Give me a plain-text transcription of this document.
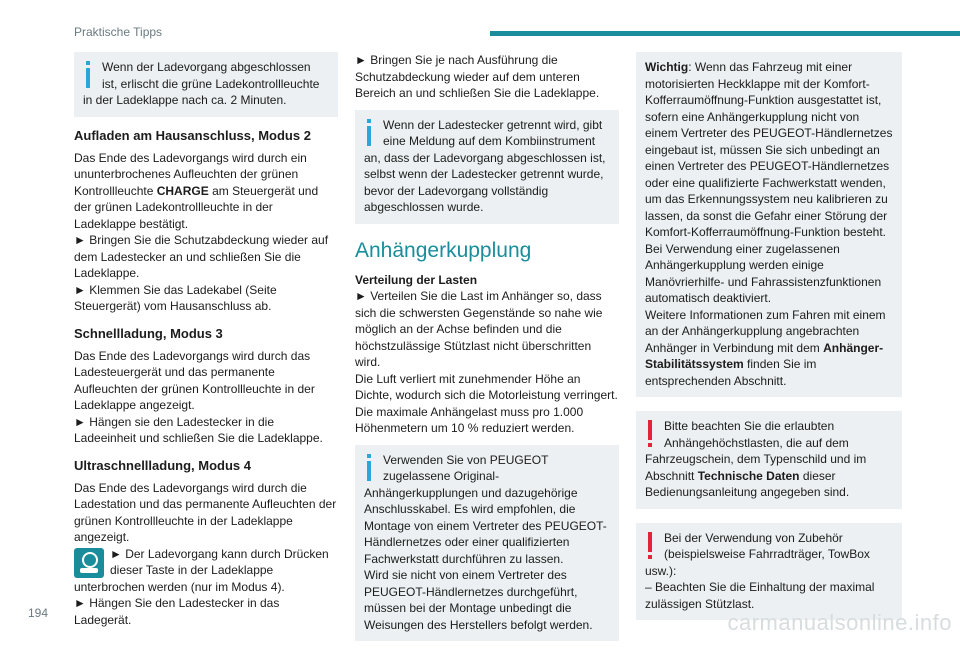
Praktische Tipps

Wenn der Ladevorgang abgeschlossen ist, erlischt die grüne Ladekontrollleuchte in der Ladeklappe nach ca. 2 Minuten.

Aufladen am Hausanschluss, Modus 2

Das Ende des Ladevorgangs wird durch ein ununterbrochenes Aufleuchten der grünen Kontrollleuchte CHARGE am Steuergerät und der grünen Ladekontrollleuchte in der Ladeklappe bestätigt.

► Bringen Sie die Schutzabdeckung wieder auf dem Ladestecker an und schließen Sie die Ladeklappe.

► Klemmen Sie das Ladekabel (Seite Steuergerät) vom Hausanschluss ab.

Schnellladung, Modus 3

Das Ende des Ladevorgangs wird durch das Ladesteuergerät und das permanente Aufleuchten der grünen Kontrollleuchte in der Ladeklappe angezeigt.

► Hängen sie den Ladestecker in die Ladeeinheit und schließen Sie die Ladeklappe.

Ultraschnellladung, Modus 4

Das Ende des Ladevorgangs wird durch die Ladestation und das permanente Aufleuchten der grünen Kontrollleuchte in der Ladeklappe angezeigt.

► Der Ladevorgang kann durch Drücken dieser Taste in der Ladeklappe unterbrochen werden (nur im Modus 4).

► Hängen Sie den Ladestecker in das Ladegerät.

► Bringen Sie je nach Ausführung die Schutzabdeckung wieder auf dem unteren Bereich an und schließen Sie die Ladeklappe.

Wenn der Ladestecker getrennt wird, gibt eine Meldung auf dem Kombiinstrument an, dass der Ladevorgang abgeschlossen ist, selbst wenn der Ladestecker getrennt wurde, bevor der Ladevorgang vollständig abgeschlossen wurde.

Anhängerkupplung

Verteilung der Lasten

► Verteilen Sie die Last im Anhänger so, dass sich die schwersten Gegenstände so nahe wie möglich an der Achse befinden und die höchstzulässige Stützlast nicht überschritten wird.

Die Luft verliert mit zunehmender Höhe an Dichte, wodurch sich die Motorleistung verringert. Die maximale Anhängelast muss pro 1.000 Höhenmetern um 10 % reduziert werden.

Verwenden Sie von PEUGEOT zugelassene Original-Anhängerkupplungen und dazugehörige Anschlusskabel. Es wird empfohlen, die Montage von einem Vertreter des PEUGEOT-Händlernetzes oder einer qualifizierten Fachwerkstatt durchführen zu lassen.

Wird sie nicht von einem Vertreter des PEUGEOT-Händlernetzes durchgeführt, müssen bei der Montage unbedingt die Weisungen des Herstellers befolgt werden.

Wichtig: Wenn das Fahrzeug mit einer motorisierten Heckklappe mit der Komfort-Kofferraumöffnung-Funktion ausgestattet ist, sofern eine Anhängerkupplung nicht von einem Vertreter des PEUGEOT-Händlernetzes eingebaut ist, müssen Sie sich unbedingt an einen Vertreter des PEUGEOT-Händlernetzes oder eine qualifizierte Fachwerkstatt wenden, um das Erkennungssystem neu kalibrieren zu lassen, da sonst die Gefahr einer Störung der Komfort-Kofferraumöffnung-Funktion besteht.

Bei Verwendung einer zugelassenen Anhängerkupplung werden einige Manövrierhilfe- und Fahrassistenzfunktionen automatisch deaktiviert.

Weitere Informationen zum Fahren mit einem an der Anhängerkupplung angebrachten Anhänger in Verbindung mit dem Anhänger-Stabilitätssystem finden Sie im entsprechenden Abschnitt.

Bitte beachten Sie die erlaubten Anhängehöchstlasten, die auf dem Fahrzeugschein, dem Typenschild und im Abschnitt Technische Daten dieser Bedienungsanleitung angegeben sind.

Bei der Verwendung von Zubehör (beispielsweise Fahrradträger, TowBox usw.):

– Beachten Sie die Einhaltung der maximal zulässigen Stützlast.

194	carmanualsonline.info
